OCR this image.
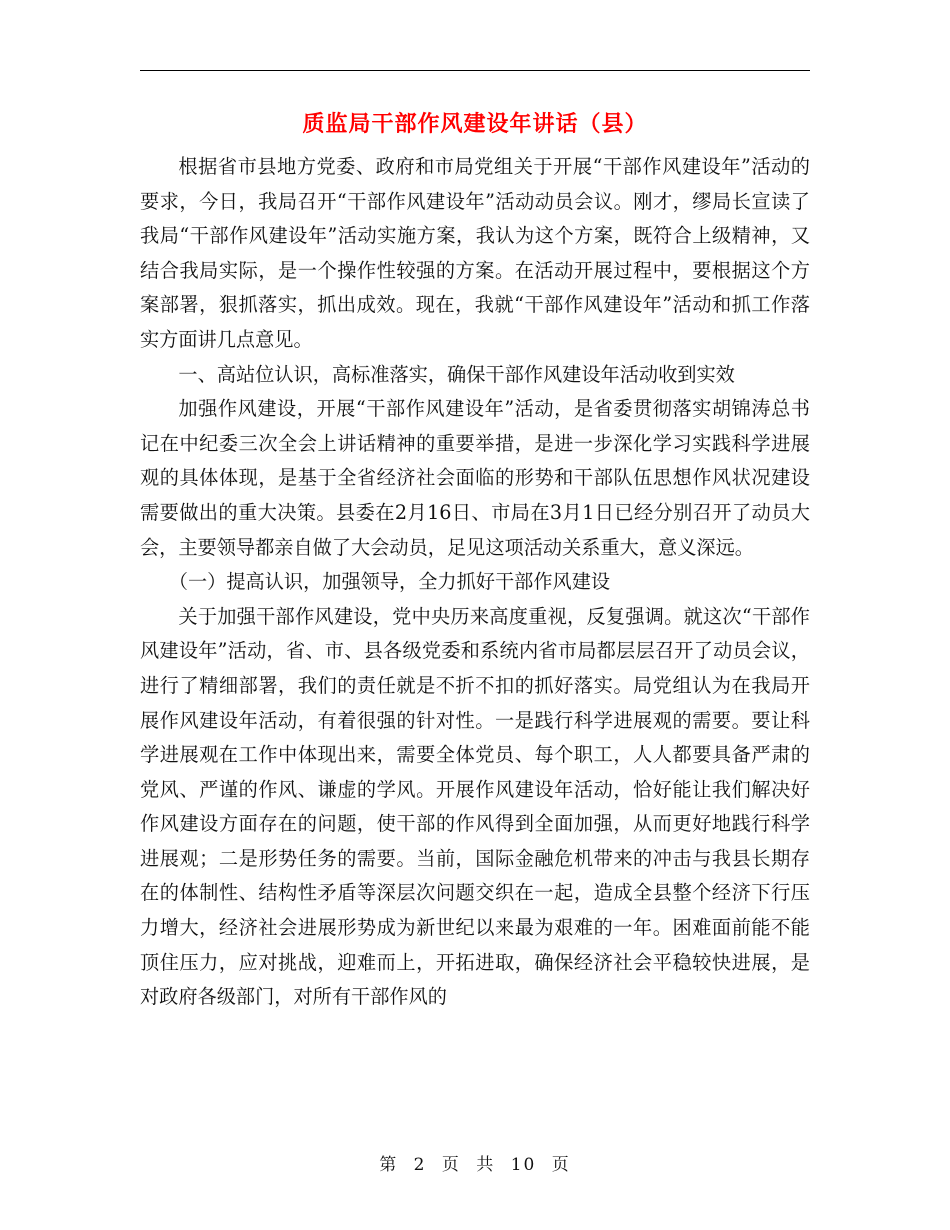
质监局干部作风建设年讲话（县）

根据省市县地方党委、政府和市局党组关于开展“干部作风建设年”活动的要求，今日，我局召开“干部作风建设年”活动动员会议。刚才，缪局长宣读了我局“干部作风建设年”活动实施方案，我认为这个方案，既符合上级精神，又结合我局实际，是一个操作性较强的方案。在活动开展过程中，要根据这个方案部署，狠抓落实，抓出成效。现在，我就“干部作风建设年”活动和抓工作落实方面讲几点意见。

一、高站位认识，高标准落实，确保干部作风建设年活动收到实效

加强作风建设，开展“干部作风建设年”活动，是省委贯彻落实胡锦涛总书记在中纪委三次全会上讲话精神的重要举措，是进一步深化学习实践科学进展观的具体体现，是基于全省经济社会面临的形势和干部队伍思想作风状况建设需要做出的重大决策。县委在2月16日、市局在3月1日已经分别召开了动员大会，主要领导都亲自做了大会动员，足见这项活动关系重大，意义深远。

（一）提高认识，加强领导，全力抓好干部作风建设

关于加强干部作风建设，党中央历来高度重视，反复强调。就这次“干部作风建设年”活动，省、市、县各级党委和系统内省市局都层层召开了动员会议，进行了精细部署，我们的责任就是不折不扣的抓好落实。局党组认为在我局开展作风建设年活动，有着很强的针对性。一是践行科学进展观的需要。要让科学进展观在工作中体现出来，需要全体党员、每个职工，人人都要具备严肃的党风、严谨的作风、谦虚的学风。开展作风建设年活动，恰好能让我们解决好作风建设方面存在的问题，使干部的作风得到全面加强，从而更好地践行科学进展观；二是形势任务的需要。当前，国际金融危机带来的冲击与我县长期存在的体制性、结构性矛盾等深层次问题交织在一起，造成全县整个经济下行压力增大，经济社会进展形势成为新世纪以来最为艰难的一年。困难面前能不能顶住压力，应对挑战，迎难而上，开拓进取，确保经济社会平稳较快进展，是对政府各级部门，对所有干部作风的

第 2 页 共 10 页
